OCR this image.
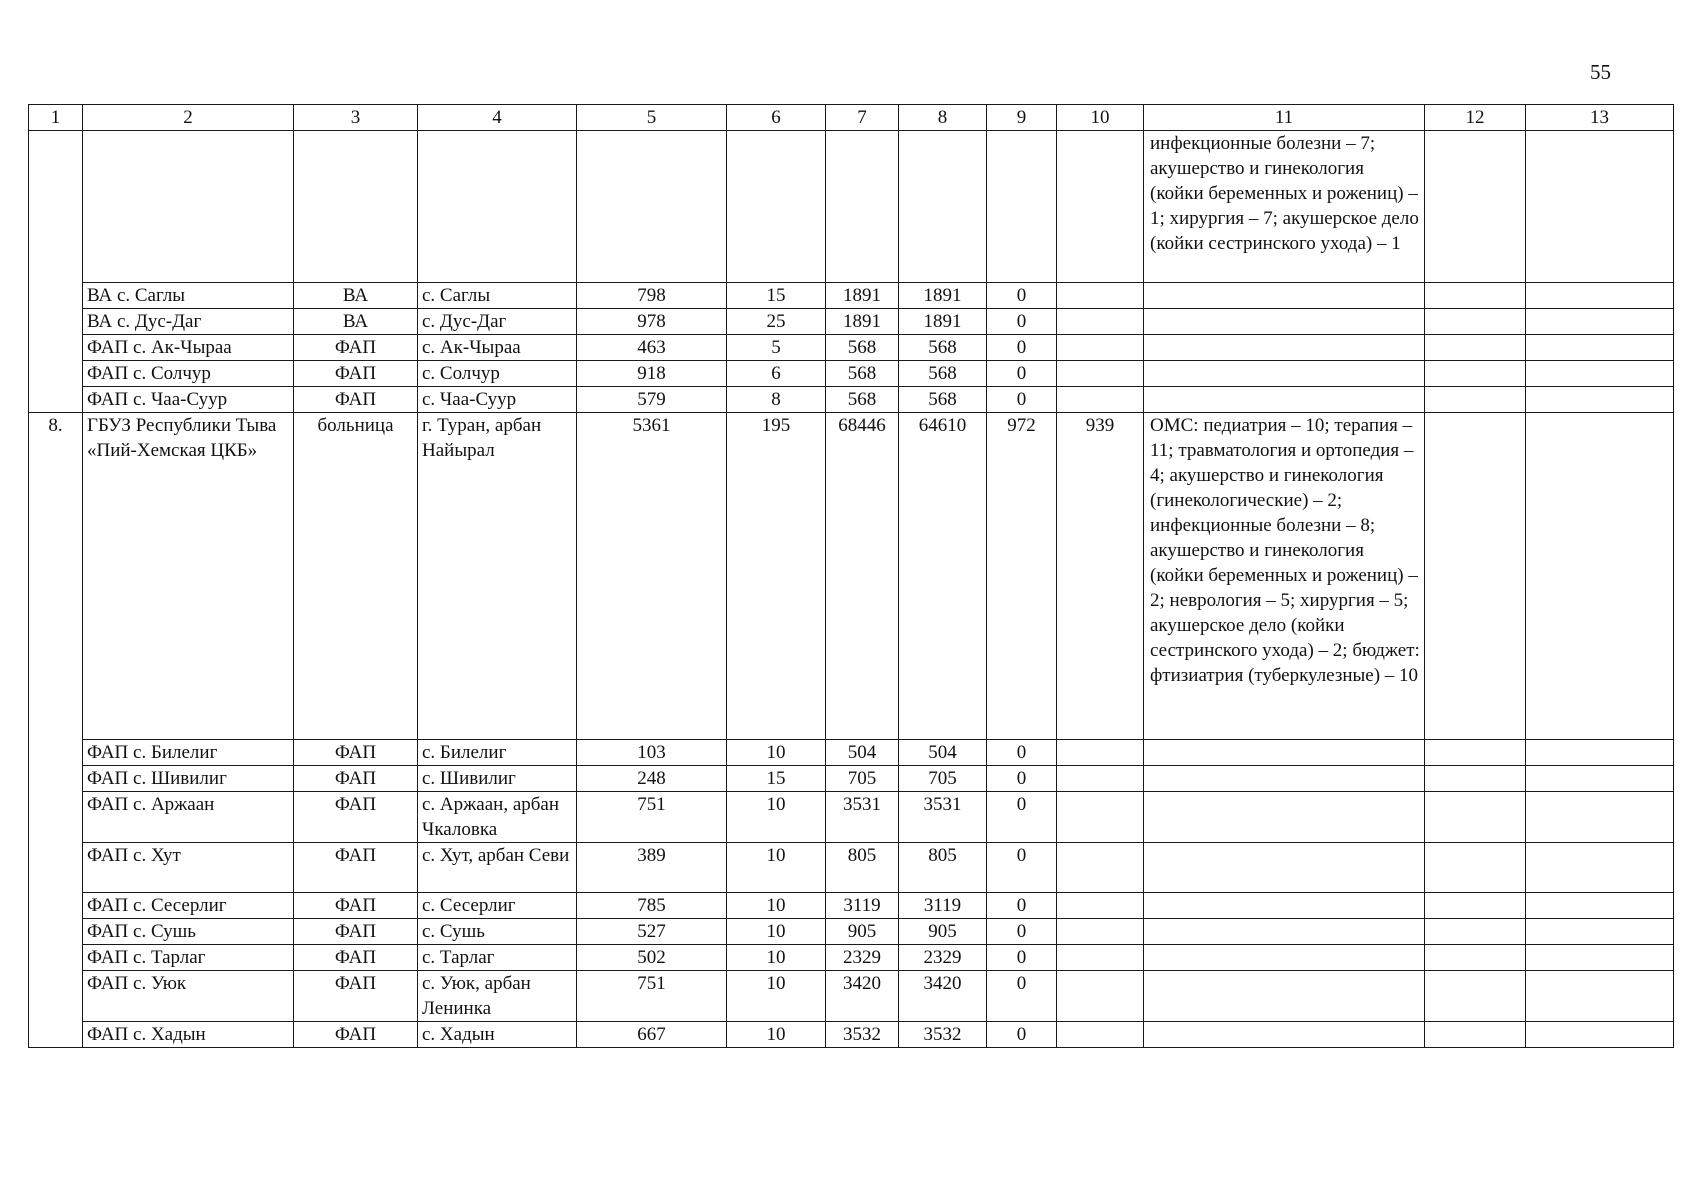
55
1	2	3	4	5	6	7	8	9	10	11	12	13
										инфекционные болезни – 7; акушерство и гинекология (койки беременных и рожениц) – 1; хирургия – 7; акушерское дело (койки сестринского ухода) – 1		
	ВА с. Саглы	ВА	с. Саглы	798	15	1891	1891	0				
	ВА с. Дус-Даг	ВА	с. Дус-Даг	978	25	1891	1891	0				
	ФАП с. Ак-Чыраа	ФАП	с. Ак-Чыраа	463	5	568	568	0				
	ФАП с. Солчур	ФАП	с. Солчур	918	6	568	568	0				
	ФАП с. Чаа-Суур	ФАП	с. Чаа-Суур	579	8	568	568	0				
8.	ГБУЗ Республики Тыва «Пий-Хемская ЦКБ»	больница	г. Туран, арбан Найырал	5361	195	68446	64610	972	939	ОМС: педиатрия – 10; терапия – 11; травматология и ортопедия – 4; акушерство и гинекология (гинекологические) – 2; инфекционные болезни – 8; акушерство и гинекология (койки беременных и рожениц) – 2; неврология – 5; хирургия – 5; акушерское дело (койки сестринского ухода) – 2; бюджет: фтизиатрия (туберкулезные) – 10		
	ФАП с. Билелиг	ФАП	с. Билелиг	103	10	504	504	0				
	ФАП с. Шивилиг	ФАП	с. Шивилиг	248	15	705	705	0				
	ФАП с. Аржаан	ФАП	с. Аржаан, арбан Чкаловка	751	10	3531	3531	0				
	ФАП с. Хут	ФАП	с. Хут, арбан Севи	389	10	805	805	0				
	ФАП с. Сесерлиг	ФАП	с. Сесерлиг	785	10	3119	3119	0				
	ФАП с. Сушь	ФАП	с. Сушь	527	10	905	905	0				
	ФАП с. Тарлаг	ФАП	с. Тарлаг	502	10	2329	2329	0				
	ФАП с. Уюк	ФАП	с. Уюк, арбан Ленинка	751	10	3420	3420	0				
	ФАП с. Хадын	ФАП	с. Хадын	667	10	3532	3532	0				
